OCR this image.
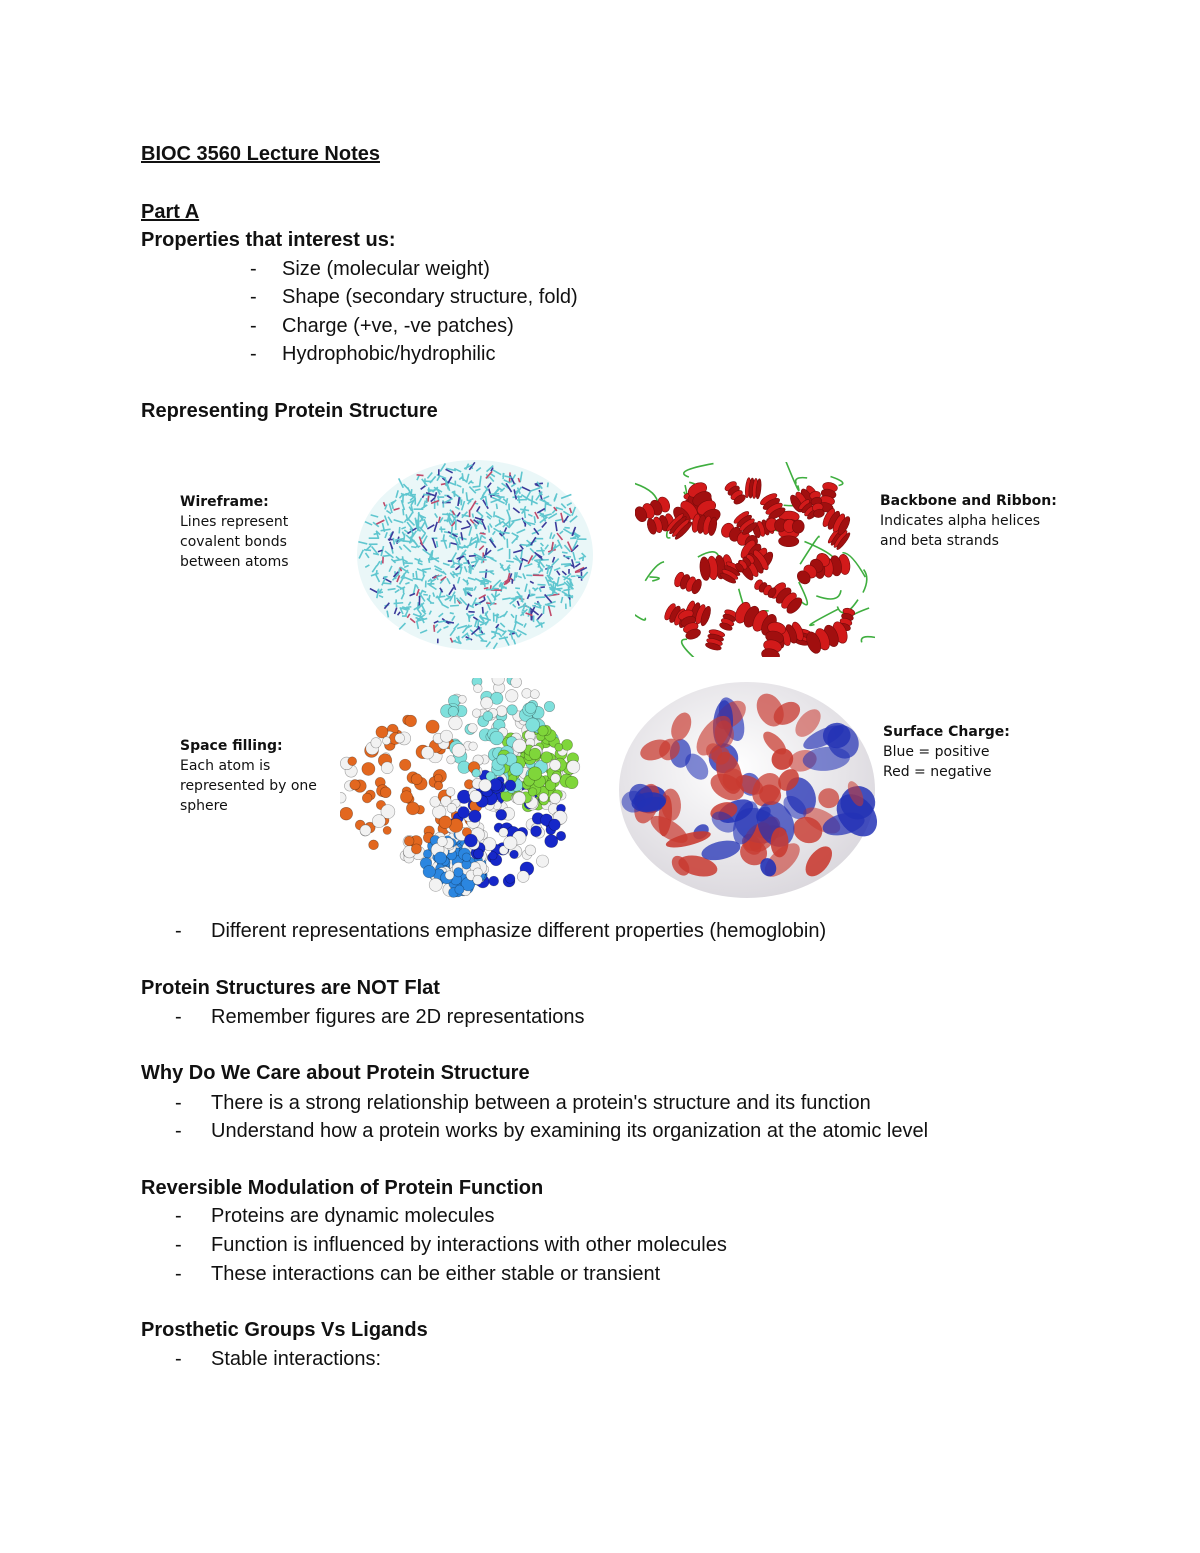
BIOC 3560 Lecture Notes
Part A
Properties that interest us:
- Size (molecular weight)
- Shape (secondary structure, fold)
- Charge (+ve, -ve patches)
- Hydrophobic/hydrophilic
Representing Protein Structure
Wireframe:
Lines represent
covalent bonds
between atoms
Backbone and Ribbon:
Indicates alpha helices
and beta strands
Space filling:
Each atom is
represented by one
sphere
Surface Charge:
Blue = positive
Red = negative
- Different representations emphasize different properties (hemoglobin)
Protein Structures are NOT Flat
- Remember figures are 2D representations
Why Do We Care about Protein Structure
- There is a strong relationship between a protein's structure and its function
- Understand how a protein works by examining its organization at the atomic level
Reversible Modulation of Protein Function
- Proteins are dynamic molecules
- Function is influenced by interactions with other molecules
- These interactions can be either stable or transient
Prosthetic Groups Vs Ligands
- Stable interactions:
